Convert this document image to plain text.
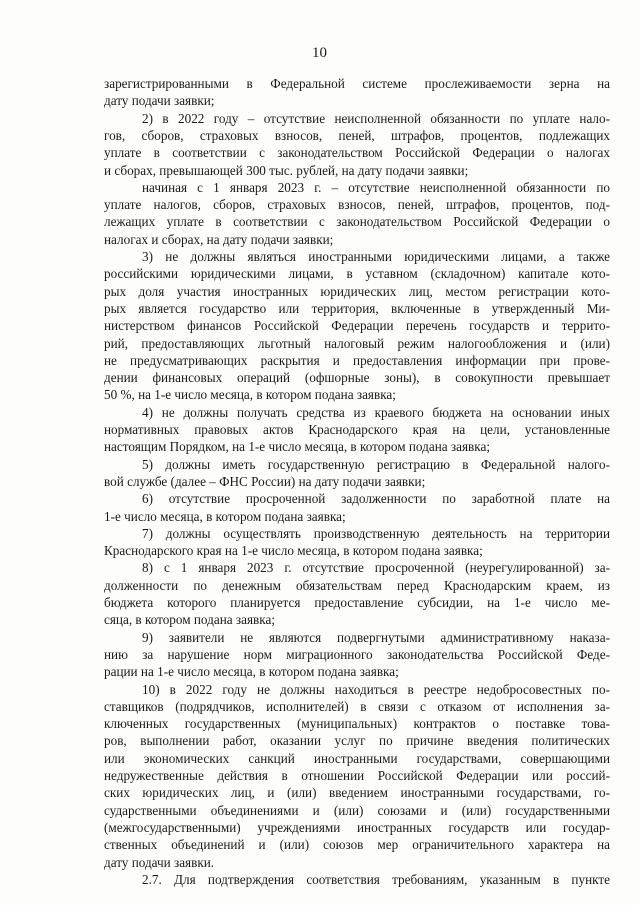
10
зарегистрированными в Федеральной системе прослеживаемости зерна на
дату подачи заявки;
2) в 2022 году – отсутствие неисполненной обязанности по уплате нало-
гов, сборов, страховых взносов, пеней, штрафов, процентов, подлежащих
уплате в соответствии с законодательством Российской Федерации о налогах
и сборах, превышающей 300 тыс. рублей, на дату подачи заявки;
начиная с 1 января 2023 г. – отсутствие неисполненной обязанности по
уплате налогов, сборов, страховых взносов, пеней, штрафов, процентов, под-
лежащих уплате в соответствии с законодательством Российской Федерации о
налогах и сборах, на дату подачи заявки;
3) не должны являться иностранными юридическими лицами, а также
российскими юридическими лицами, в уставном (складочном) капитале кото-
рых доля участия иностранных юридических лиц, местом регистрации кото-
рых является государство или территория, включенные в утвержденный Ми-
нистерством финансов Российской Федерации перечень государств и террито-
рий, предоставляющих льготный налоговый режим налогообложения и (или)
не предусматривающих раскрытия и предоставления информации при прове-
дении финансовых операций (офшорные зоны), в совокупности превышает
50 %, на 1-е число месяца, в котором подана заявка;
4) не должны получать средства из краевого бюджета на основании иных
нормативных правовых актов Краснодарского края на цели, установленные
настоящим Порядком, на 1-е число месяца, в котором подана заявка;
5) должны иметь государственную регистрацию в Федеральной налого-
вой службе (далее – ФНС России) на дату подачи заявки;
6) отсутствие просроченной задолженности по заработной плате на
1-е число месяца, в котором подана заявка;
7) должны осуществлять производственную деятельность на территории
Краснодарского края на 1-е число месяца, в котором подана заявка;
8) с 1 января 2023 г. отсутствие просроченной (неурегулированной) за-
долженности по денежным обязательствам перед Краснодарским краем, из
бюджета которого планируется предоставление субсидии, на 1-е число ме-
сяца, в котором подана заявка;
9) заявители не являются подвергнутыми административному наказа-
нию за нарушение норм миграционного законодательства Российской Феде-
рации на 1-е число месяца, в котором подана заявка;
10) в 2022 году не должны находиться в реестре недобросовестных по-
ставщиков (подрядчиков, исполнителей) в связи с отказом от исполнения за-
ключенных государственных (муниципальных) контрактов о поставке това-
ров, выполнении работ, оказании услуг по причине введения политических
или экономических санкций иностранными государствами, совершающими
недружественные действия в отношении Российской Федерации или россий-
ских юридических лиц, и (или) введением иностранными государствами, го-
сударственными объединениями и (или) союзами и (или) государственными
(межгосударственными) учреждениями иностранных государств или государ-
ственных объединений и (или) союзов мер ограничительного характера на
дату подачи заявки.
2.7. Для подтверждения соответствия требованиям, указанным в пункте
